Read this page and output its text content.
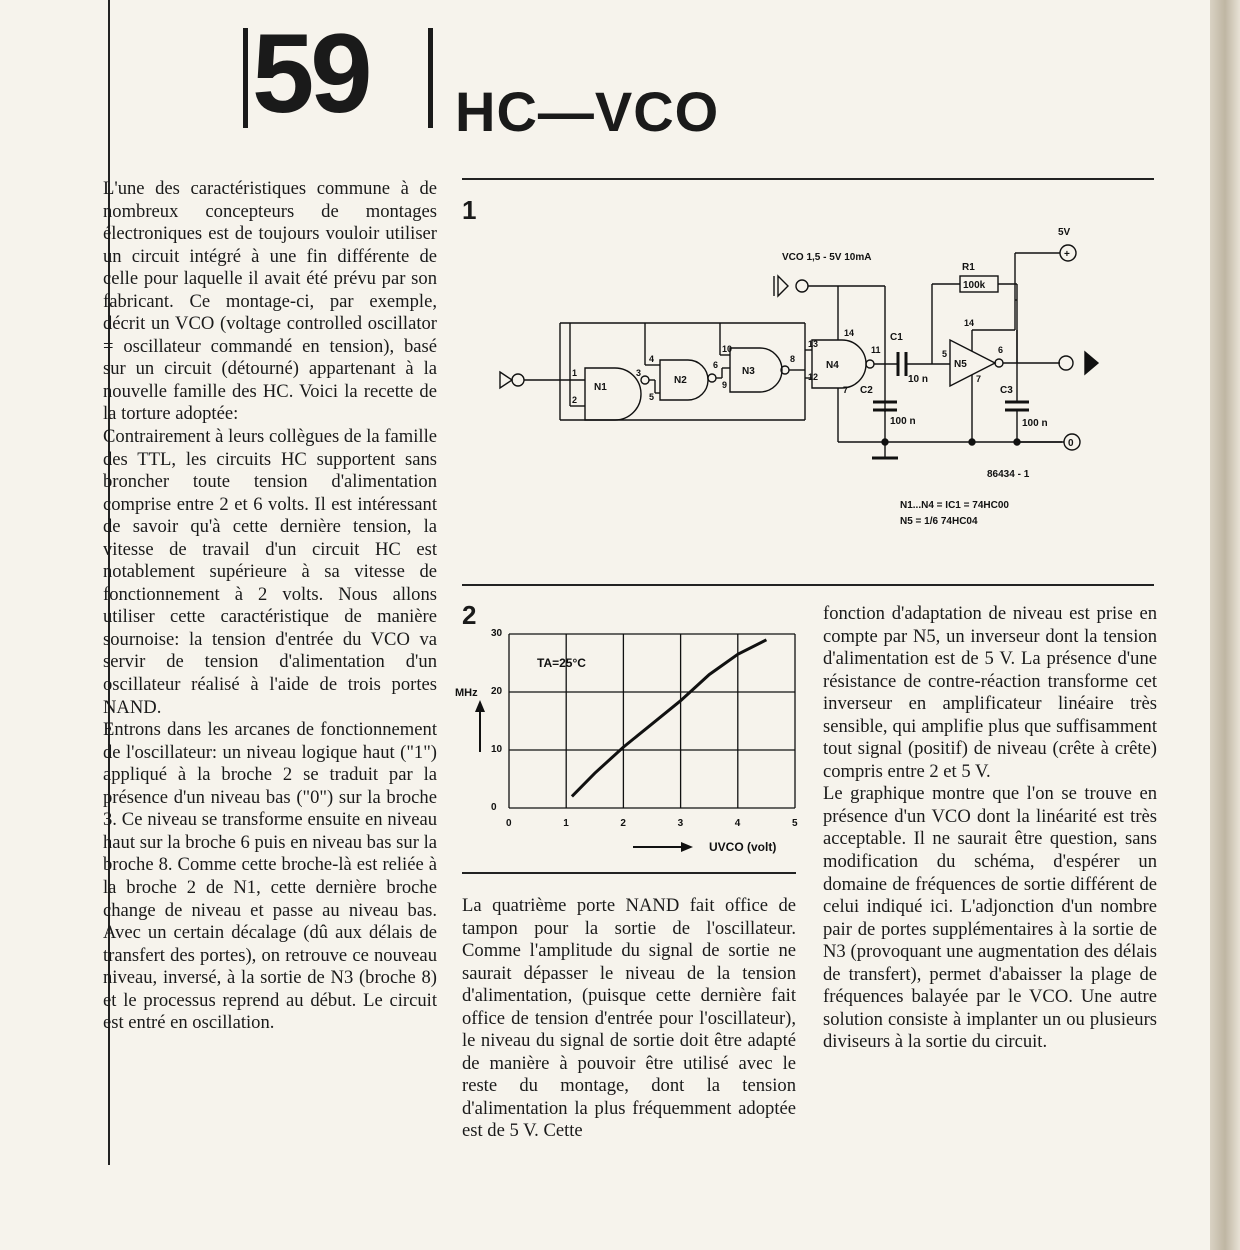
59 HC—VCO
L'une des caractéristiques commune à de nombreux concepteurs de montages électroniques est de toujours vouloir utiliser un circuit intégré à une fin différente de celle pour laquelle il avait été prévu par son fabricant. Ce montage-ci, par exemple, décrit un VCO (voltage controlled oscillator = oscillateur commandé en tension), basé sur un circuit (détourné) appartenant à la nouvelle famille des HC. Voici la recette de la torture adoptée:
Contrairement à leurs collègues de la famille des TTL, les circuits HC supportent sans broncher toute tension d'alimentation comprise entre 2 et 6 volts. Il est intéressant de savoir qu'à cette dernière tension, la vitesse de travail d'un circuit HC est notablement supérieure à sa vitesse de fonctionnement à 2 volts. Nous allons utiliser cette caractéristique de manière sournoise: la tension d'entrée du VCO va servir de tension d'alimentation d'un oscillateur réalisé à l'aide de trois portes NAND.
Entrons dans les arcanes de fonctionnement de l'oscillateur: un niveau logique haut ("1") appliqué à la broche 2 se traduit par la présence d'un niveau bas ("0") sur la broche 3. Ce niveau se transforme ensuite en niveau haut sur la broche 6 puis en niveau bas sur la broche 8. Comme cette broche-là est reliée à la broche 2 de N1, cette dernière broche change de niveau et passe au niveau bas. Avec un certain décalage (dû aux délais de transfert des portes), on retrouve ce nouveau niveau, inversé, à la sortie de N3 (broche 8) et le processus reprend au début. Le circuit est entré en oscillation.
La quatrième porte NAND fait office de tampon pour la sortie de l'oscillateur. Comme l'amplitude du signal de sortie ne saurait dépasser le niveau de la tension d'alimentation, (puisque cette dernière fait office de tension d'entrée pour l'oscillateur), le niveau du signal de sortie doit être adapté de manière à pouvoir être utilisé avec le reste du montage, dont la tension d'alimentation la plus fréquemment adoptée est de 5 V. Cette
fonction d'adaptation de niveau est prise en compte par N5, un inverseur dont la tension d'alimentation est de 5 V. La présence d'une résistance de contre-réaction transforme cet inverseur en amplificateur linéaire très sensible, qui amplifie plus que suffisamment tout signal (positif) de niveau (crête à crête) compris entre 2 et 5 V.
Le graphique montre que l'on se trouve en présence d'un VCO dont la linéarité est très acceptable. Il ne saurait être question, sans modification du schéma, d'espérer un domaine de fréquences de sortie différent de celui indiqué ici. L'adjonction d'un nombre pair de portes supplémentaires à la sortie de N3 (provoquant une augmentation des délais de transfert), permet d'abaisser la plage de fréquences balayée par le VCO. Une autre solution consiste à implanter un ou plusieurs diviseurs à la sortie du circuit.
1
VCO 1,5 - 5V 10mA
5V
+
0
R1
100k
C1
10 n
C2
100 n
C3
100 n
N1
N2
N3
N4	N5
1
2
3
4
5
6
9
10
8
12
13
14
11
7
14
5	6
7
86434 - 1
N1...N4 = IC1 = 74HC00
N5 = 1/6 74HC04
2
0	1	2	3	4	5
0
10
20
30
TA=25°C
MHz
UVCO (volt)
